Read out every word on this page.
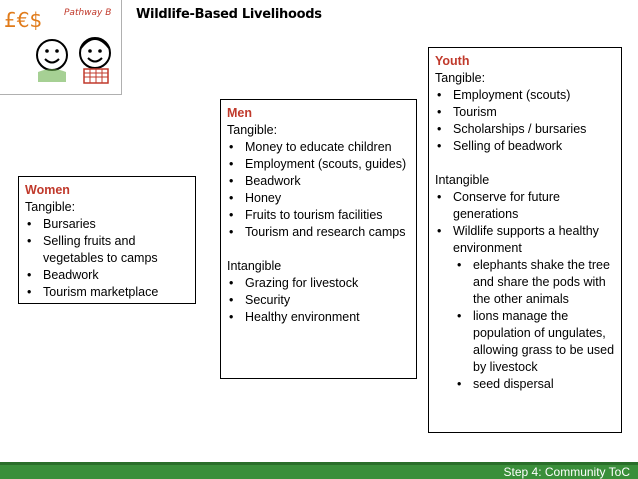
£€$ Pathway B Wildlife-Based Livelihoods
Women
Tangible:
• Bursaries
• Selling fruits and vegetables to camps
• Beadwork
• Tourism marketplace
Men
Tangible:
• Money to educate children
• Employment (scouts, guides)
• Beadwork
• Honey
• Fruits to tourism facilities
• Tourism and research camps
Intangible
• Grazing for livestock
• Security
• Healthy environment
Youth
Tangible:
• Employment (scouts)
• Tourism
• Scholarships / bursaries
• Selling of beadwork
Intangible
• Conserve for future generations
• Wildlife supports a healthy environment
• elephants shake the tree and share the pods with the other animals
• lions manage the population of ungulates, allowing grass to be used by livestock
• seed dispersal
Step 4: Community ToC
